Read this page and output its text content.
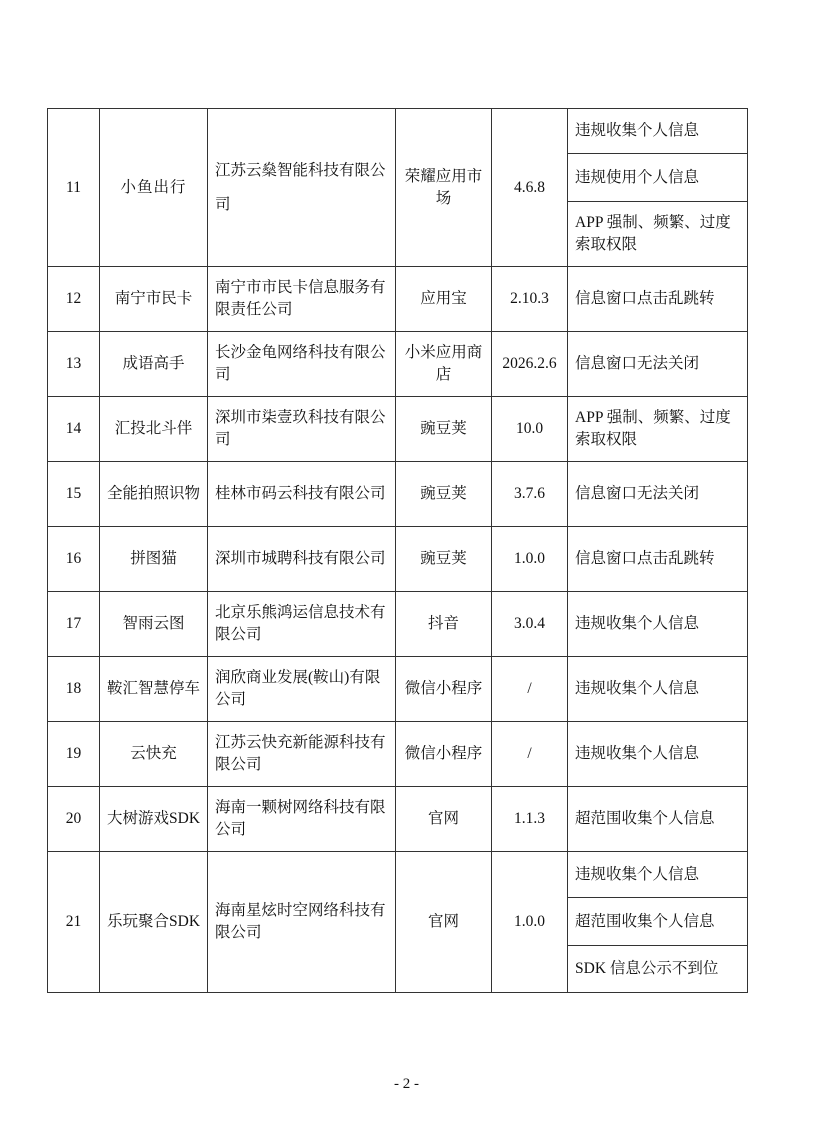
11	小鱼出行	江苏云燊智能科技有限公司	荣耀应用市场	4.6.8	违规收集个人信息
					违规使用个人信息
					APP 强制、频繁、过度索取权限
12	南宁市民卡	南宁市市民卡信息服务有限责任公司	应用宝	2.10.3	信息窗口点击乱跳转
13	成语高手	长沙金龟网络科技有限公司	小米应用商店	2026.2.6	信息窗口无法关闭
14	汇投北斗伴	深圳市柒壹玖科技有限公司	豌豆荚	10.0	APP 强制、频繁、过度索取权限
15	全能拍照识物	桂林市码云科技有限公司	豌豆荚	3.7.6	信息窗口无法关闭
16	拼图猫	深圳市城聘科技有限公司	豌豆荚	1.0.0	信息窗口点击乱跳转
17	智雨云图	北京乐熊鸿运信息技术有限公司	抖音	3.0.4	违规收集个人信息
18	鞍汇智慧停车	润欣商业发展(鞍山)有限公司	微信小程序	/	违规收集个人信息
19	云快充	江苏云快充新能源科技有限公司	微信小程序	/	违规收集个人信息
20	大树游戏SDK	海南一颗树网络科技有限公司	官网	1.1.3	超范围收集个人信息
21	乐玩聚合SDK	海南星炫时空网络科技有限公司	官网	1.0.0	违规收集个人信息
					超范围收集个人信息
					SDK 信息公示不到位
- 2 -
